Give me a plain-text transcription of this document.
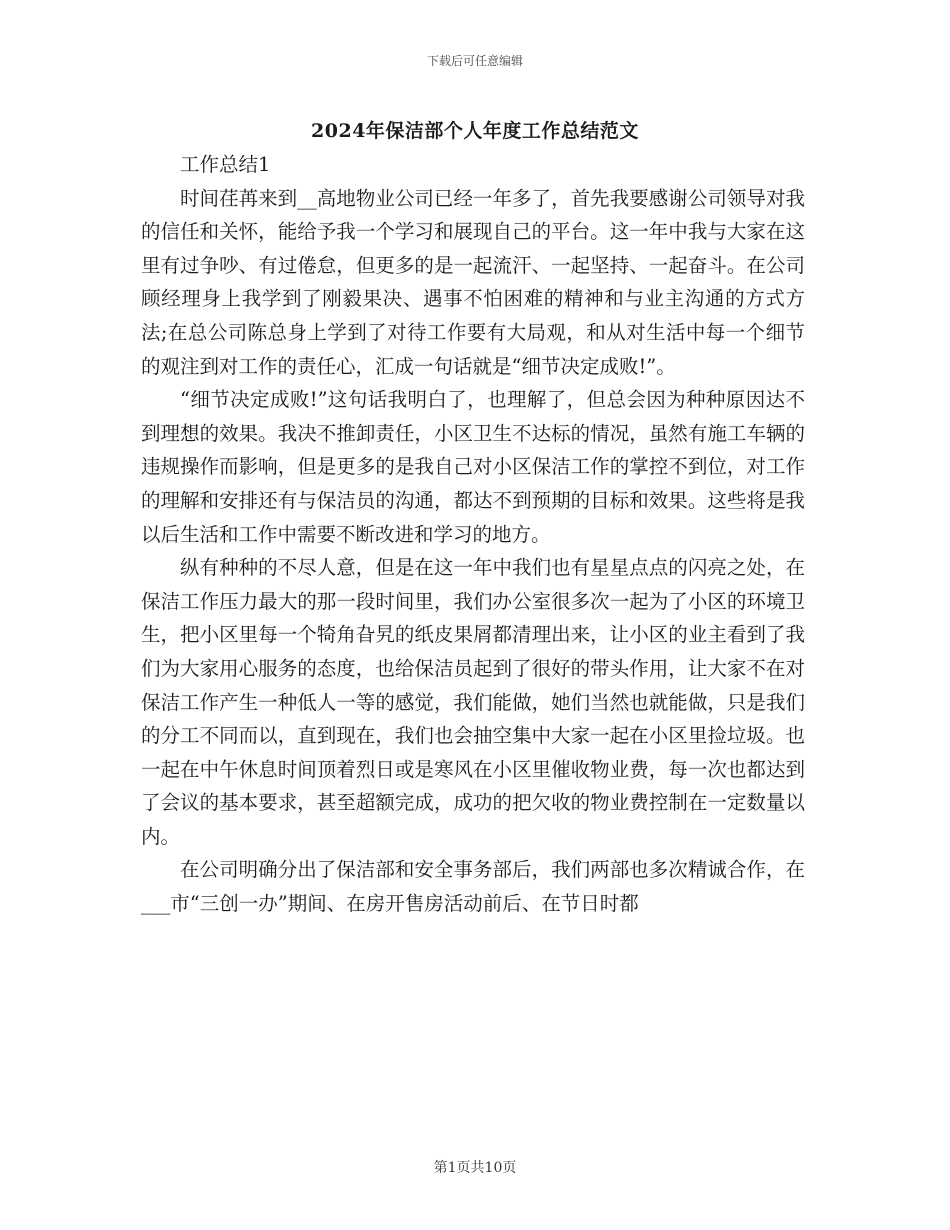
下载后可任意编辑
2024年保洁部个人年度工作总结范文

工作总结1

时间荏苒来到__高地物业公司已经一年多了，首先我要感谢公司领导对我的信任和关怀，能给予我一个学习和展现自己的平台。这一年中我与大家在这里有过争吵、有过倦怠，但更多的是一起流汗、一起坚持、一起奋斗。在公司顾经理身上我学到了刚毅果决、遇事不怕困难的精神和与业主沟通的方式方法;在总公司陈总身上学到了对待工作要有大局观，和从对生活中每一个细节的观注到对工作的责任心，汇成一句话就是“细节决定成败!”。

“细节决定成败!”这句话我明白了，也理解了，但总会因为种种原因达不到理想的效果。我决不推卸责任，小区卫生不达标的情况，虽然有施工车辆的违规操作而影响，但是更多的是我自己对小区保洁工作的掌控不到位，对工作的理解和安排还有与保洁员的沟通，都达不到预期的目标和效果。这些将是我以后生活和工作中需要不断改进和学习的地方。

纵有种种的不尽人意，但是在这一年中我们也有星星点点的闪亮之处，在保洁工作压力最大的那一段时间里，我们办公室很多次一起为了小区的环境卫生，把小区里每一个犄角旮旯的纸皮果屑都清理出来，让小区的业主看到了我们为大家用心服务的态度，也给保洁员起到了很好的带头作用，让大家不在对保洁工作产生一种低人一等的感觉，我们能做，她们当然也就能做，只是我们的分工不同而以，直到现在，我们也会抽空集中大家一起在小区里捡垃圾。也一起在中午休息时间顶着烈日或是寒风在小区里催收物业费，每一次也都达到了会议的基本要求，甚至超额完成，成功的把欠收的物业费控制在一定数量以内。

在公司明确分出了保洁部和安全事务部后，我们两部也多次精诚合作，在___市“三创一办”期间、在房开售房活动前后、在节日时都

第1页共10页
